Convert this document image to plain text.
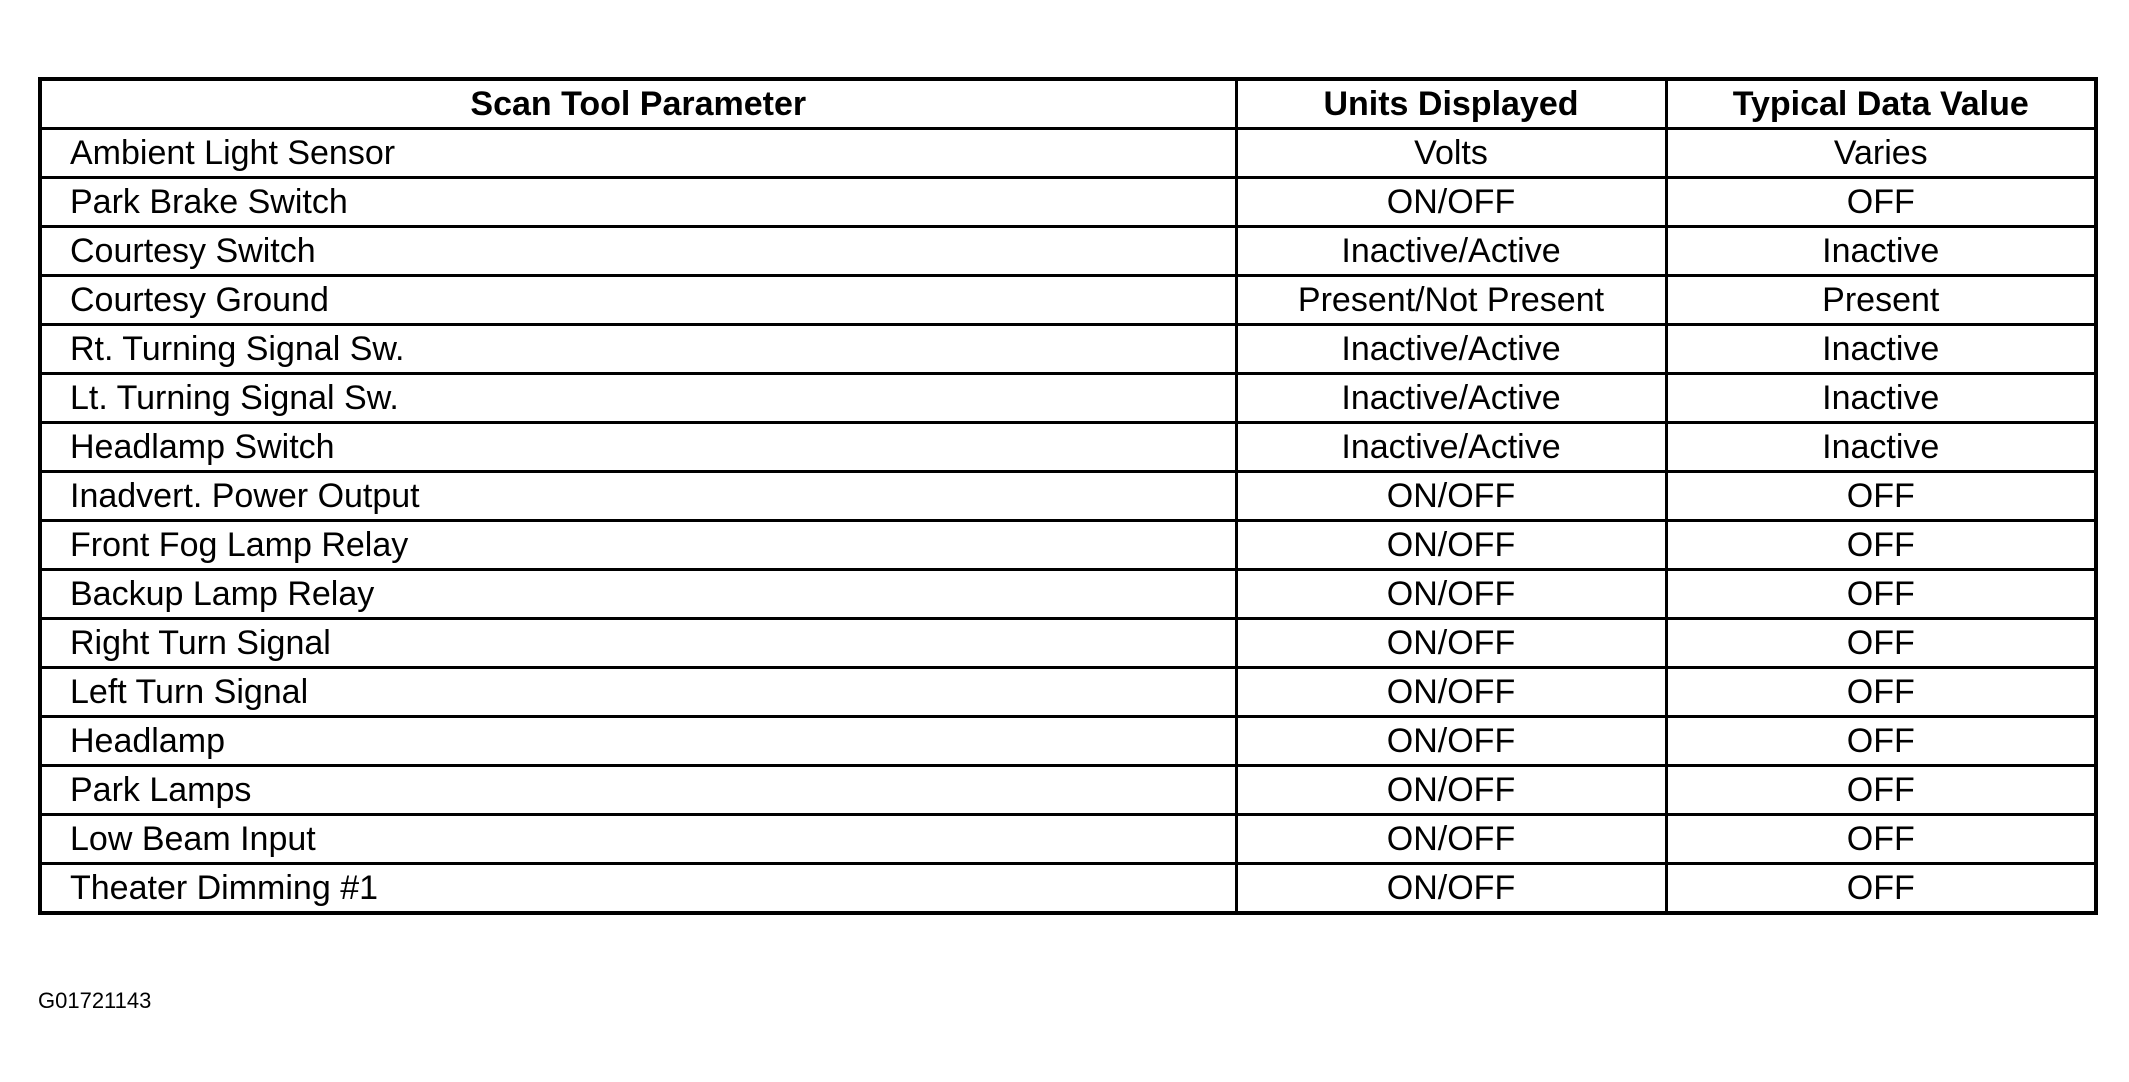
Scan Tool Parameter	Units Displayed	Typical Data Value
Ambient Light Sensor	Volts	Varies
Park Brake Switch	ON/OFF	OFF
Courtesy Switch	Inactive/Active	Inactive
Courtesy Ground	Present/Not Present	Present
Rt. Turning Signal Sw.	Inactive/Active	Inactive
Lt. Turning Signal Sw.	Inactive/Active	Inactive
Headlamp Switch	Inactive/Active	Inactive
Inadvert. Power Output	ON/OFF	OFF
Front Fog Lamp Relay	ON/OFF	OFF
Backup Lamp Relay	ON/OFF	OFF
Right Turn Signal	ON/OFF	OFF
Left Turn Signal	ON/OFF	OFF
Headlamp	ON/OFF	OFF
Park Lamps	ON/OFF	OFF
Low Beam Input	ON/OFF	OFF
Theater Dimming #1	ON/OFF	OFF
G01721143
